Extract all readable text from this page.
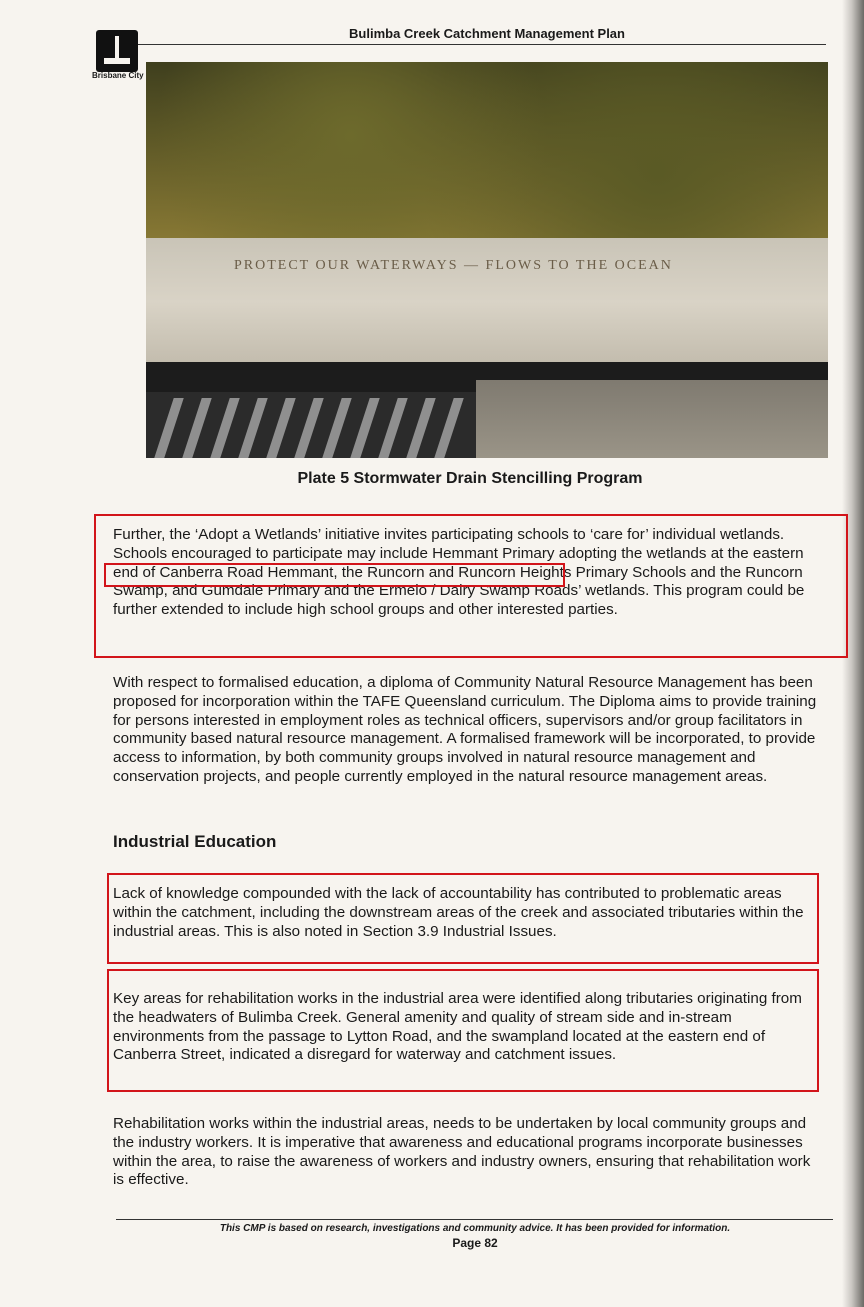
Brisbane City
Bulimba Creek Catchment Management Plan
PROTECT OUR WATERWAYS — FLOWS TO THE OCEAN
Plate 5 Stormwater Drain Stencilling Program

Further, the ‘Adopt a Wetlands’ initiative invites participating schools to ‘care for’ individual wetlands. Schools encouraged to participate may include Hemmant Primary adopting the wetlands at the eastern end of Canberra Road Hemmant, the Runcorn and Runcorn Heights Primary Schools and the Runcorn Swamp, and Gumdale Primary and the Ermelo / Dairy Swamp Roads’ wetlands. This program could be further extended to include high school groups and other interested parties.

With respect to formalised education, a diploma of Community Natural Resource Management has been proposed for incorporation within the TAFE Queensland curriculum. The Diploma aims to provide training for persons interested in employment roles as technical officers, supervisors and/or group facilitators in community based natural resource management. A formalised framework will be incorporated, to provide access to information, by both community groups involved in natural resource management and conservation projects, and people currently employed in the natural resource management areas.

Industrial Education

Lack of knowledge compounded with the lack of accountability has contributed to problematic areas within the catchment, including the downstream areas of the creek and associated tributaries within the industrial areas. This is also noted in Section 3.9 Industrial Issues.

Key areas for rehabilitation works in the industrial area were identified along tributaries originating from the headwaters of Bulimba Creek. General amenity and quality of stream side and in-stream environments from the passage to Lytton Road, and the swampland located at the eastern end of Canberra Street, indicated a disregard for waterway and catchment issues.

Rehabilitation works within the industrial areas, needs to be undertaken by local community groups and the industry workers. It is imperative that awareness and educational programs incorporate businesses within the area, to raise the awareness of workers and industry owners, ensuring that rehabilitation work is effective.

This CMP is based on research, investigations and community advice. It has been provided for information.
Page 82
